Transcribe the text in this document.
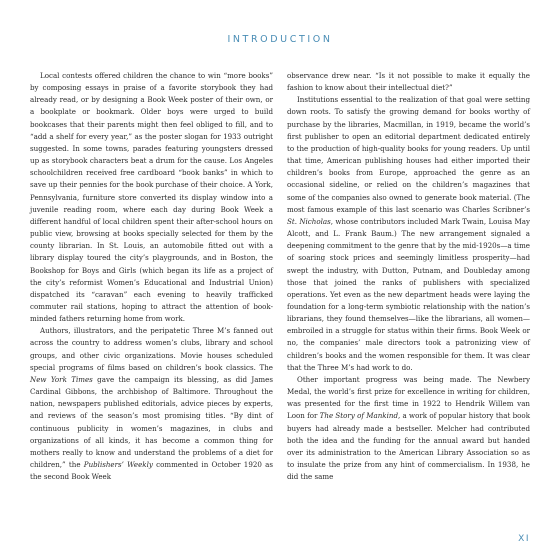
INTRODUCTION

Local contests offered children the chance to win “more books” by composing essays in praise of a favorite storybook they had already read, or by designing a Book Week poster of their own, or a bookplate or bookmark. Older boys were urged to build bookcases that their parents might then feel obliged to fill, and to “add a shelf for every year,” as the poster slogan for 1933 outright suggested. In some towns, parades featuring youngsters dressed up as storybook characters beat a drum for the cause. Los Angeles schoolchildren received free cardboard “book banks” in which to save up their pennies for the book purchase of their choice. A York, Pennsylvania, furniture store converted its display window into a juvenile reading room, where each day during Book Week a different handful of local children spent their after-school hours on public view, browsing at books specially selected for them by the county librarian. In St. Louis, an automobile fitted out with a library display toured the city’s playgrounds, and in Boston, the Bookshop for Boys and Girls (which began its life as a project of the city’s reformist Women’s Educational and Industrial Union) dispatched its “caravan” each evening to heavily trafficked commuter rail stations, hoping to attract the attention of book-minded fathers returning home from work.

Authors, illustrators, and the peripatetic Three M’s fanned out across the country to address women’s clubs, library and school groups, and other civic organizations. Movie houses scheduled special programs of films based on children’s book classics. The New York Times gave the campaign its blessing, as did James Cardinal Gibbons, the archbishop of Baltimore. Throughout the nation, newspapers published editorials, advice pieces by experts, and reviews of the season’s most promising titles. “By dint of continuous publicity in women’s magazines, in clubs and organizations of all kinds, it has become a common thing for mothers really to know and understand the problems of a diet for children,” the Publishers’ Weekly commented in October 1920 as the second Book Week

observance drew near. “Is it not possible to make it equally the fashion to know about their intellectual diet?”

Institutions essential to the realization of that goal were setting down roots. To satisfy the growing demand for books worthy of purchase by the libraries, Macmillan, in 1919, became the world’s first publisher to open an editorial department dedicated entirely to the production of high-quality books for young readers. Up until that time, American publishing houses had either imported their children’s books from Europe, approached the genre as an occasional sideline, or relied on the children’s magazines that some of the companies also owned to generate book material. (The most famous example of this last scenario was Charles Scribner’s St. Nicholas, whose contributors included Mark Twain, Louisa May Alcott, and L. Frank Baum.) The new arrangement signaled a deepening commitment to the genre that by the mid-1920s—a time of soaring stock prices and seemingly limitless prosperity—had swept the industry, with Dutton, Putnam, and Doubleday among those that joined the ranks of publishers with specialized operations. Yet even as the new department heads were laying the foundation for a long-term symbiotic relationship with the nation’s librarians, they found themselves—like the librarians, all women—embroiled in a struggle for status within their firms. Book Week or no, the companies’ male directors took a patronizing view of children’s books and the women responsible for them. It was clear that the Three M’s had work to do.

Other important progress was being made. The Newbery Medal, the world’s first prize for excellence in writing for children, was presented for the first time in 1922 to Hendrik Willem van Loon for The Story of Mankind, a work of popular history that book buyers had already made a bestseller. Melcher had contributed both the idea and the funding for the annual award but handed over its administration to the American Library Association so as to insulate the prize from any hint of commercialism. In 1938, he did the same

XI
